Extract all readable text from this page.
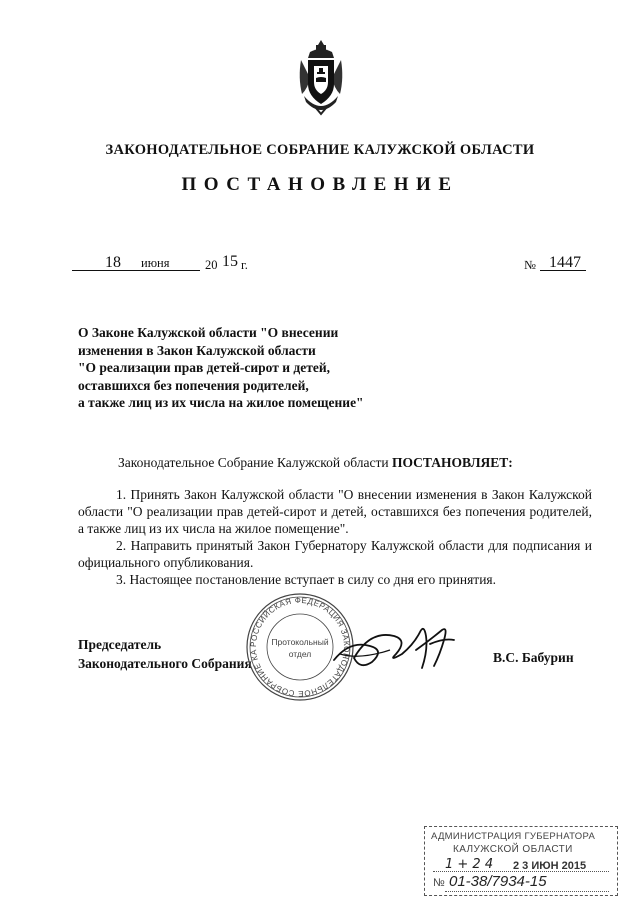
ЗАКОНОДАТЕЛЬНОЕ СОБРАНИЕ КАЛУЖСКОЙ ОБЛАСТИ
ПОСТАНОВЛЕНИЕ
18 июня	20 15 г.	№ 1447
О Законе Калужской области "О внесении
изменения в Закон Калужской области
"О реализации прав детей-сирот и детей,
оставшихся без попечения родителей,
а также лиц из их числа на жилое помещение"
Законодательное Собрание Калужской области ПОСТАНОВЛЯЕТ:

1. Принять Закон Калужской области "О внесении изменения в Закон Калужской области "О реализации прав детей-сирот и детей, оставшихся без попечения родителей, а также лиц из их числа на жилое помещение".

2. Направить принятый Закон Губернатору Калужской области для подписания и официального опубликования.

3. Настоящее постановление вступает в силу со дня его принятия.

Председатель
Законодательного Собрания	В.С. Бабурин
РОССИЙСКАЯ ФЕДЕРАЦИЯ ЗАКОНОДАТЕЛЬНОЕ СОБРАНИЕ КА
Протокольный
отдел
АДМИНИСТРАЦИЯ ГУБЕРНАТОРА
КАЛУЖСКОЙ ОБЛАСТИ
1 + 2 4 2 3 ИЮН 2015
№ 01-38/7934-15
